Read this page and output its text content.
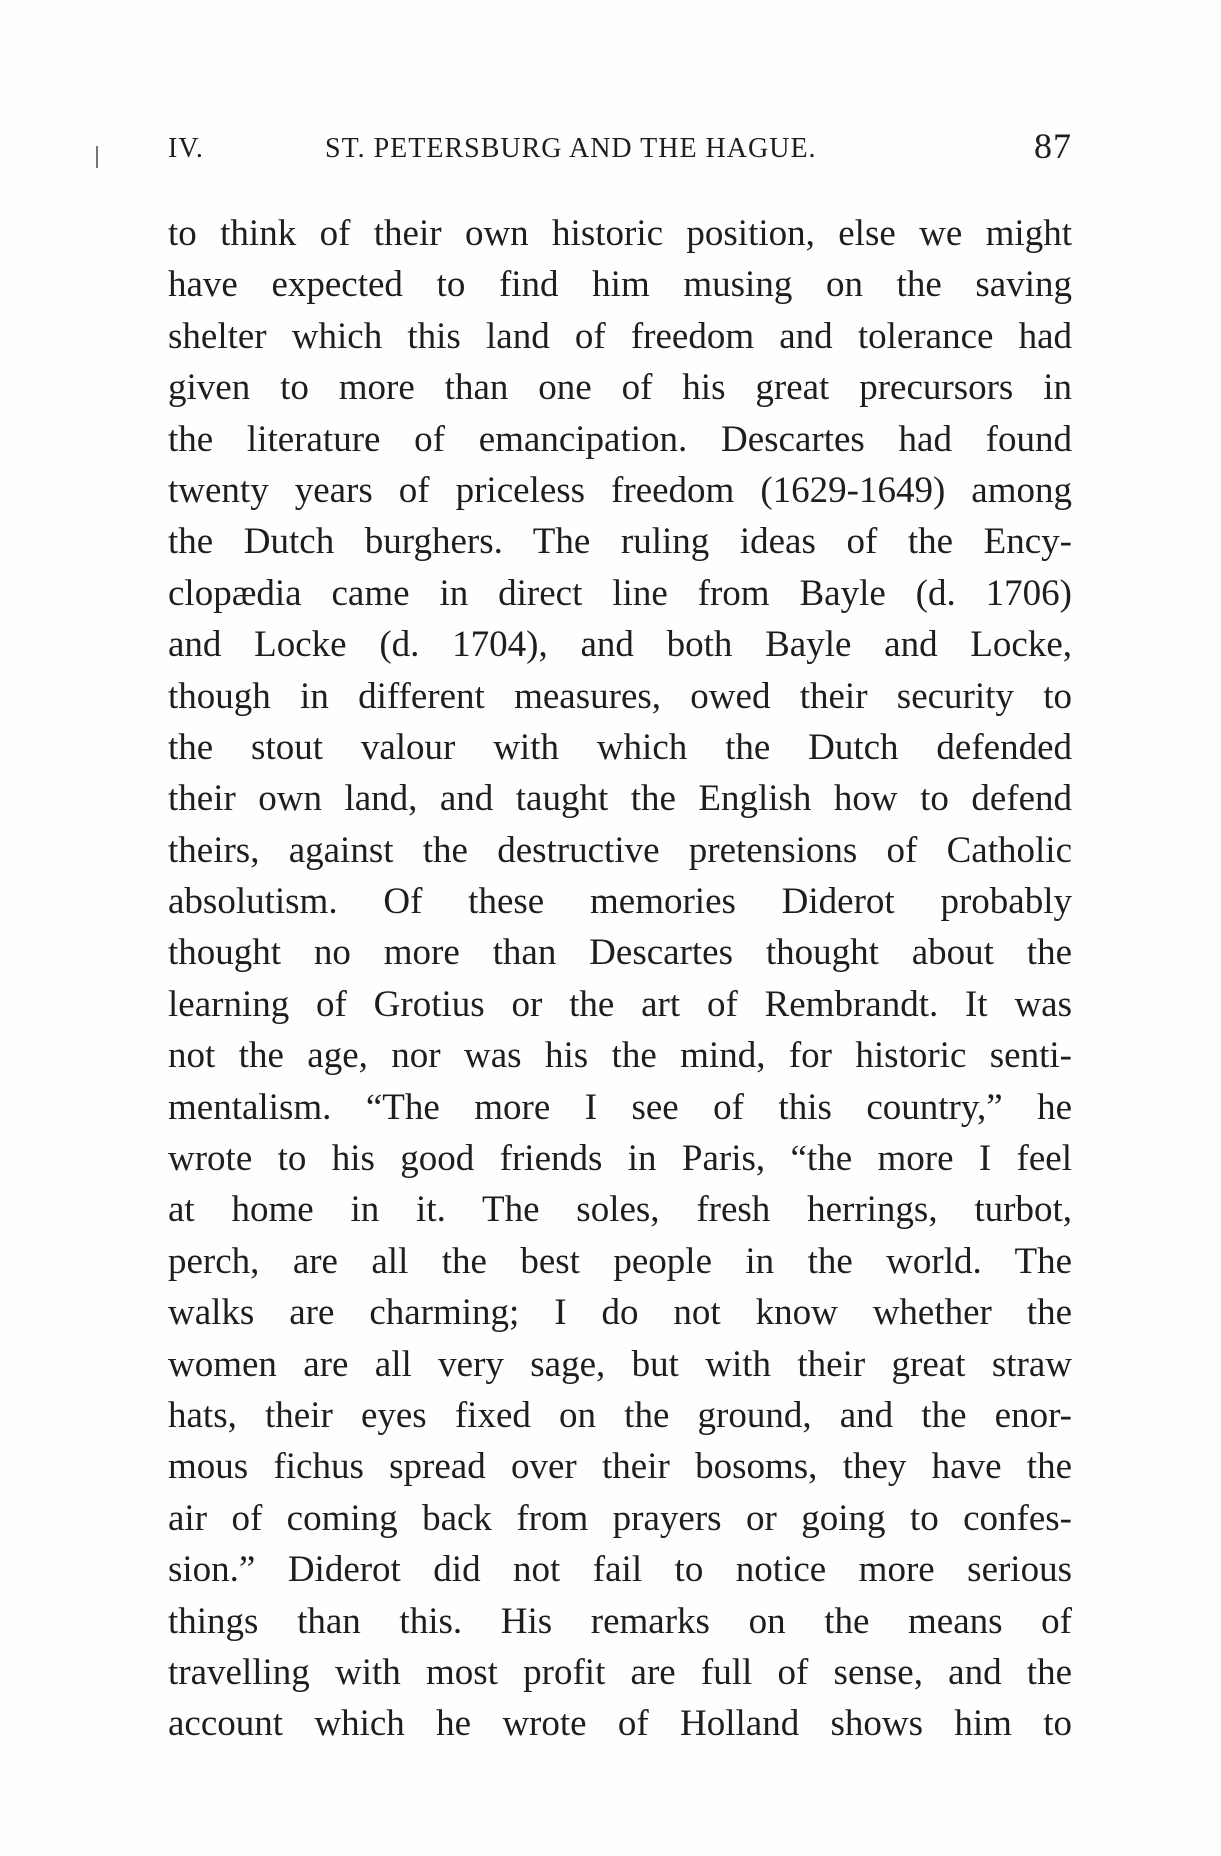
IV.	ST. PETERSBURG AND THE HAGUE.	87
to think of their own historic position, else we might
have expected to find him musing on the saving
shelter which this land of freedom and tolerance had
given to more than one of his great precursors in
the literature of emancipation. Descartes had found
twenty years of priceless freedom (1629-1649) among
the Dutch burghers. The ruling ideas of the Ency-
clopædia came in direct line from Bayle (d. 1706)
and Locke (d. 1704), and both Bayle and Locke,
though in different measures, owed their security to
the stout valour with which the Dutch defended
their own land, and taught the English how to defend
theirs, against the destructive pretensions of Catholic
absolutism. Of these memories Diderot probably
thought no more than Descartes thought about the
learning of Grotius or the art of Rembrandt. It was
not the age, nor was his the mind, for historic senti-
mentalism. “The more I see of this country,” he
wrote to his good friends in Paris, “the more I feel
at home in it. The soles, fresh herrings, turbot,
perch, are all the best people in the world. The
walks are charming; I do not know whether the
women are all very sage, but with their great straw
hats, their eyes fixed on the ground, and the enor-
mous fichus spread over their bosoms, they have the
air of coming back from prayers or going to confes-
sion.” Diderot did not fail to notice more serious
things than this. His remarks on the means of
travelling with most profit are full of sense, and the
account which he wrote of Holland shows him to
